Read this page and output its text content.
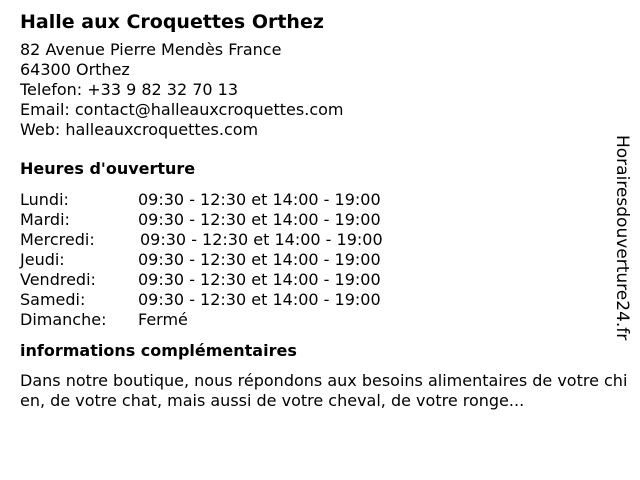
Halle aux Croquettes Orthez
82 Avenue Pierre Mendès France
64300 Orthez
Telefon: +33 9 82 32 70 13
Email: contact@halleauxcroquettes.com
Web: halleauxcroquettes.com
Heures d'ouverture
Lundi:	09:30 - 12:30 et 14:00 - 19:00
Mardi:	09:30 - 12:30 et 14:00 - 19:00
Mercredi:	09:30 - 12:30 et 14:00 - 19:00
Jeudi:	09:30 - 12:30 et 14:00 - 19:00
Vendredi:	09:30 - 12:30 et 14:00 - 19:00
Samedi:	09:30 - 12:30 et 14:00 - 19:00
Dimanche:	Fermé
informations complémentaires

Dans notre boutique, nous répondons aux besoins alimentaires de votre chien, de votre chat, mais aussi de votre cheval, de votre ronge...

Horairesdouverture24.fr
